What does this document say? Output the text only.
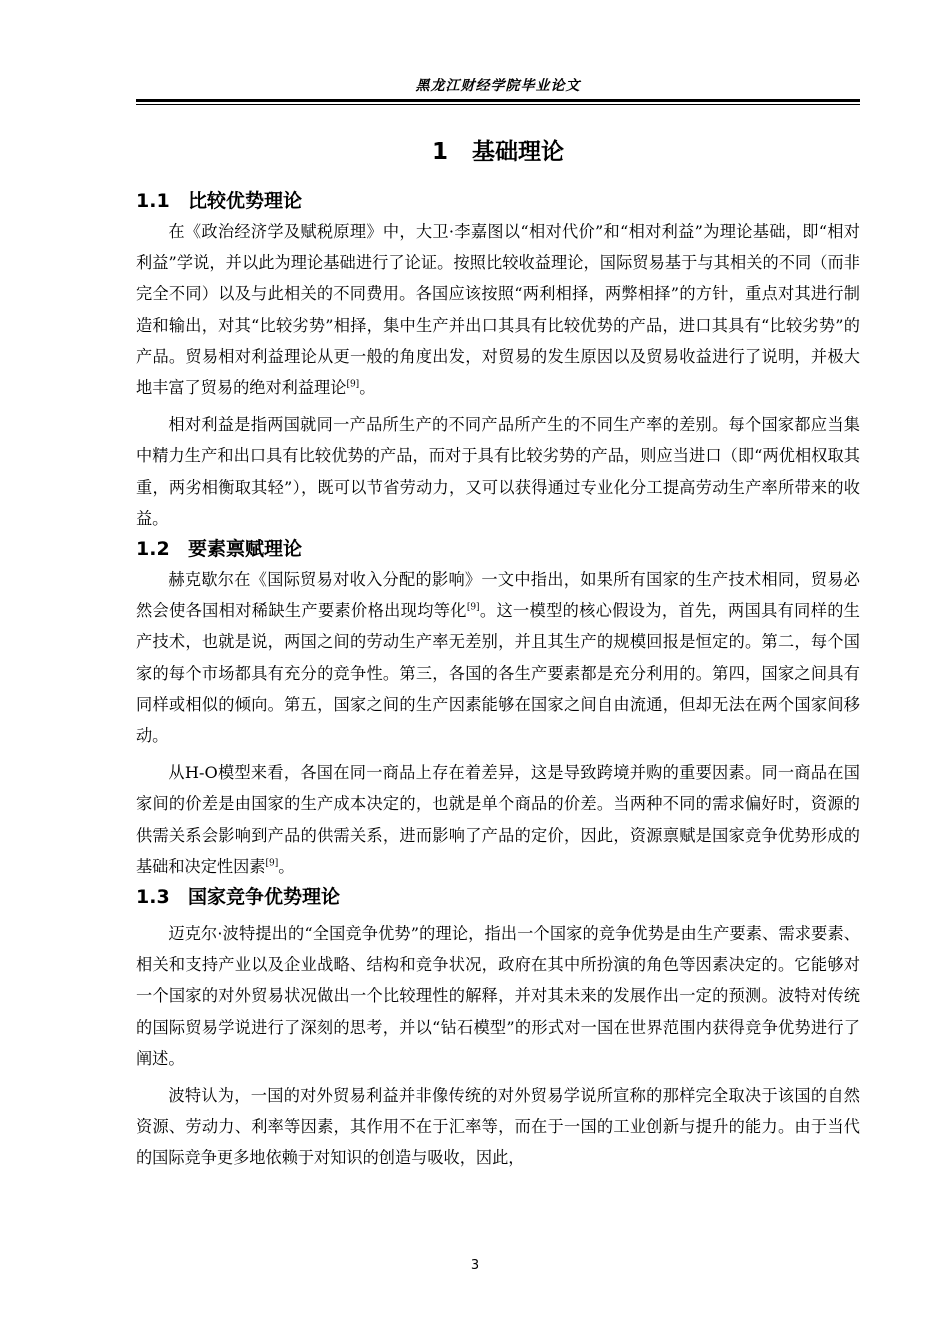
黑龙江财经学院毕业论文
1 基础理论
1.1 比较优势理论

在《政治经济学及赋税原理》中，大卫·李嘉图以“相对代价”和“相对利益”为理论基础，即“相对利益”学说，并以此为理论基础进行了论证。按照比较收益理论，国际贸易基于与其相关的不同（而非完全不同）以及与此相关的不同费用。各国应该按照“两利相择，两弊相择”的方针，重点对其进行制造和输出，对其“比较劣势”相择，集中生产并出口其具有比较优势的产品，进口其具有“比较劣势”的产品。贸易相对利益理论从更一般的角度出发，对贸易的发生原因以及贸易收益进行了说明，并极大地丰富了贸易的绝对利益理论[9]。

相对利益是指两国就同一产品所生产的不同产品所产生的不同生产率的差别。每个国家都应当集中精力生产和出口具有比较优势的产品，而对于具有比较劣势的产品，则应当进口（即“两优相权取其重，两劣相衡取其轻”），既可以节省劳动力，又可以获得通过专业化分工提高劳动生产率所带来的收益。

1.2 要素禀赋理论

赫克歇尔在《国际贸易对收入分配的影响》一文中指出，如果所有国家的生产技术相同，贸易必然会使各国相对稀缺生产要素价格出现均等化[9]。这一模型的核心假设为，首先，两国具有同样的生产技术，也就是说，两国之间的劳动生产率无差别，并且其生产的规模回报是恒定的。第二，每个国家的每个市场都具有充分的竞争性。第三，各国的各生产要素都是充分利用的。第四，国家之间具有同样或相似的倾向。第五，国家之间的生产因素能够在国家之间自由流通，但却无法在两个国家间移动。

从H-O模型来看，各国在同一商品上存在着差异，这是导致跨境并购的重要因素。同一商品在国家间的价差是由国家的生产成本决定的，也就是单个商品的价差。当两种不同的需求偏好时，资源的供需关系会影响到产品的供需关系，进而影响了产品的定价，因此，资源禀赋是国家竞争优势形成的基础和决定性因素[9]。

1.3 国家竞争优势理论

迈克尔·波特提出的“全国竞争优势”的理论，指出一个国家的竞争优势是由生产要素、需求要素、相关和支持产业以及企业战略、结构和竞争状况，政府在其中所扮演的角色等因素决定的。它能够对一个国家的对外贸易状况做出一个比较理性的解释，并对其未来的发展作出一定的预测。波特对传统的国际贸易学说进行了深刻的思考，并以“钻石模型”的形式对一国在世界范围内获得竞争优势进行了阐述。

波特认为，一国的对外贸易利益并非像传统的对外贸易学说所宣称的那样完全取决于该国的自然资源、劳动力、利率等因素，其作用不在于汇率等，而在于一国的工业创新与提升的能力。由于当代的国际竞争更多地依赖于对知识的创造与吸收，因此，

3
